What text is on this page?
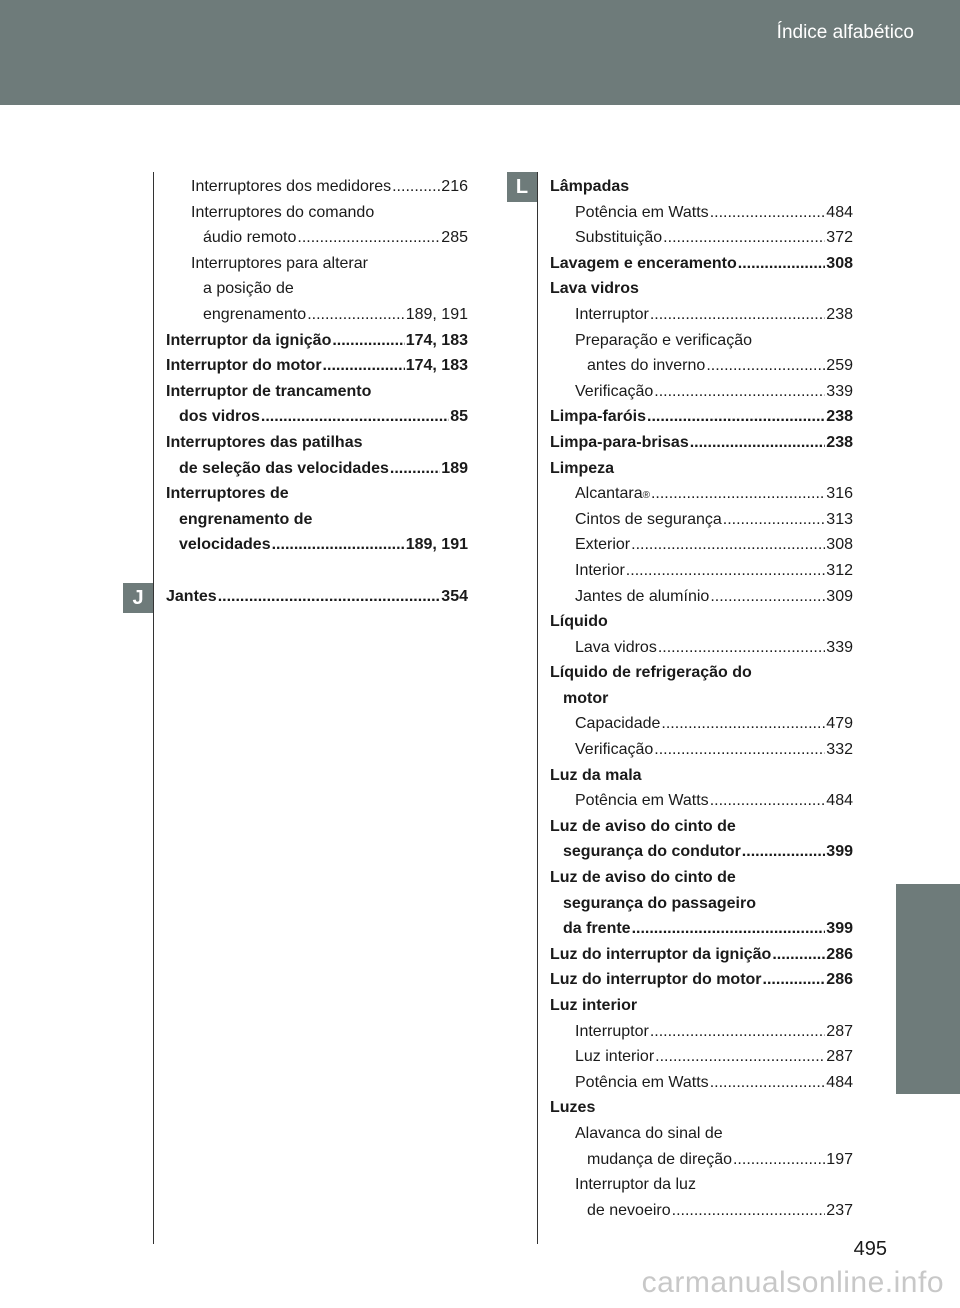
Índice alfabético
J
L
Interruptores dos medidores .....	216
Interruptores do comando
áudio remoto .....	285
Interruptores para alterar
a posição de
engrenamento .....	189, 191
Interruptor da ignição .....	174, 183
Interruptor do motor .....	174, 183
Interruptor de trancamento
dos vidros .....	85
Interruptores das patilhas
de seleção das velocidades .....	189
Interruptores de
engrenamento de
velocidades .....	189, 191
Jantes .....	354
Lâmpadas
Potência em Watts .....	484
Substituição .....	372
Lavagem e enceramento .....	308
Lava vidros
Interruptor .....	238
Preparação e verificação
antes do inverno .....	259
Verificação .....	339
Limpa-faróis .....	238
Limpa-para-brisas .....	238
Limpeza
Alcantara ® .....	316
Cintos de segurança .....	313
Exterior .....	308
Interior .....	312
Jantes de alumínio .....	309
Líquido
Lava vidros .....	339
Líquido de refrigeração do
motor
Capacidade .....	479
Verificação .....	332
Luz da mala
Potência em Watts .....	484
Luz de aviso do cinto de
segurança do condutor .....	399
Luz de aviso do cinto de
segurança do passageiro
da frente .....	399
Luz do interruptor da ignição .....	286
Luz do interruptor do motor .....	286
Luz interior
Interruptor .....	287
Luz interior .....	287
Potência em Watts .....	484
Luzes
Alavanca do sinal de
mudança de direção .....	197
Interruptor da luz
de nevoeiro .....	237
495
carmanualsonline.info
